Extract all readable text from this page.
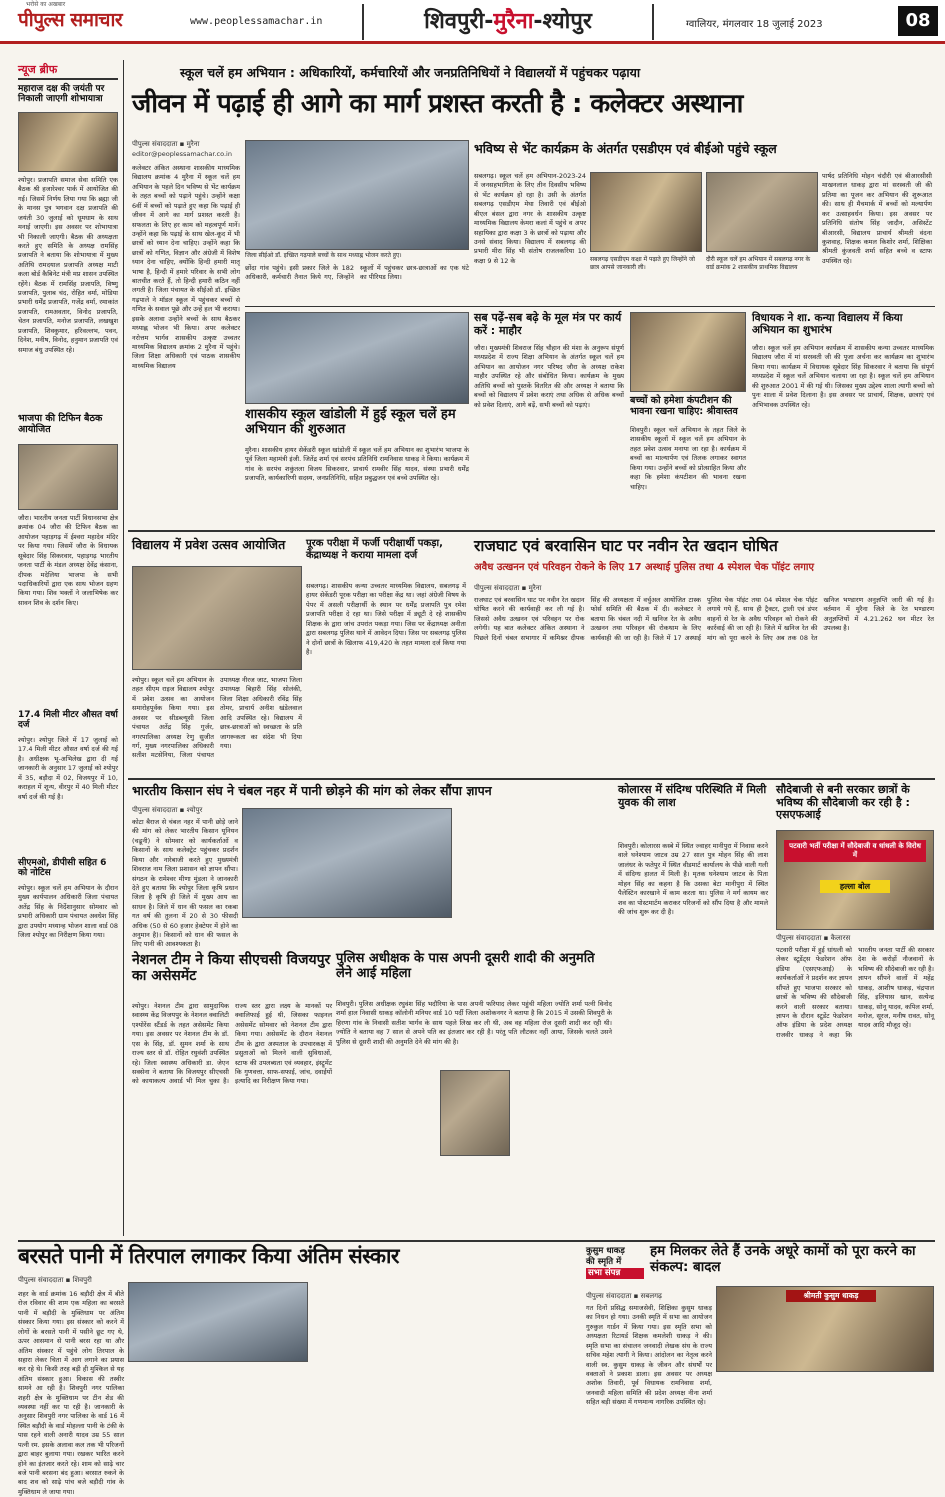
भरोसे का अखबार
पीपुल्स समाचार	www.peoplessamachar.in	शिवपुरी-मुरैना-श्योपुर	ग्वालियर, मंगलवार 18 जुलाई 2023	08
न्यूज ब्रीफ
महाराज दक्ष की जयंती पर निकाली जाएगी शोभायात्रा
श्योपुर। प्रजापति समाज सेवा समिति एक बैठक श्री हजारेश्वर पार्क में आयोजित की गई। जिसमें निर्णय लिया गया कि ब्रह्मा जी के मानस पुत्र भगवान दक्ष प्रजापति की जयंती 30 जुलाई को धूमधाम के साथ मनाई जाएगी। इस अवसर पर शोभायात्रा भी निकाली जाएगी। बैठक की अध्यक्षता करते हुए समिति के अध्यक्ष रामसिंह प्रजापति ने बताया कि शोभायात्रा में मुख्य अतिथि रामदयाल प्रजापति अध्यक्ष माटी कला बोर्ड कैबिनेट मंत्री मप्र शासन उपस्थित रहेंगे। बैठक में रामसिंह प्रजापति, विष्णु प्रजापति, पुलाब चंद, रोहित वर्मा, मोडिया प्रभारी धर्मेंद्र प्रजापति, गजेंद्र वर्मा, रमाकांत प्रजापति, रामअवतार, विनोद प्रजापति, चेतन प्रजापति, मनोज प्रजापति, लखखुश प्रजापति, शिवकुमार, हरिवल्लभ, पवन, दिनेश, मनीष, विनोद, हनुमान प्रजापति एवं समाज बंधु उपस्थित रहे।
भाजपा की टिफिन बैठक आयोजित
जौरा। भारतीय जनता पार्टी विधानसभा क्षेत्र क्रमांक 04 जौरा की टिफिन बैठक का आयोजन पहाड़गढ़ में ईश्वरा महादेव मंदिर पर किया गया। जिसमें जौरा के विधायक सूबेदार सिंह सिकरवार, पहाड़गढ़ भारतीय जनता पार्टी के मंडल अध्यक्ष देवेंद्र कंसाना, दीपक मदेलिया भाजपा के सभी पदाधिकारियों द्वारा एक साथ भोजन ग्रहण किया गया। शिव भक्तों ने जलाभिषेक कर सावन शिव के दर्शन किए।
17.4 मिली मीटर औसत वर्षा दर्ज
श्योपुर। श्योपुर जिले में 17 जुलाई को 17.4 मिली मीटर औसत वर्षा दर्ज की गई है। अधीक्षक भू-अभिलेख द्वारा दी गई जानकारी के अनुसार 17 जुलाई को श्योपुर में 35, बड़ौदा में 02, विजयपुर में 10, कराहल में शून्य, वीरपुर में 40 मिली मीटर वर्षा दर्ज की गई है।
सीएमओ, डीपीसी सहित 6 को नोटिस
श्योपुर। स्कूल चलें हम अभियान के दौरान मुख्य कार्यपालन अधिकारी जिला पंचायत अतेंद्र सिंह के निर्देशानुसार सोमवार को प्रभारी अधिकारी ग्राम पंचायत अवधेश सिंह द्वारा उपयोग मध्यान्ह भोजन शाला वार्ड 08 जिला श्योपुर का निरीक्षण किया गया।
स्कूल चलें हम अभियान : अधिकारियों, कर्मचारियों और जनप्रतिनिधियों ने विद्यालयों में पहुंचकर पढ़ाया
जीवन में पढ़ाई ही आगे का मार्ग प्रशस्त करती है : कलेक्टर अस्थाना
पीपुल्स संवाददाता ▪ मुरैना
editor@peoplessamachar.co.in
कलेक्टर अंकित अस्थाना शासकीय माध्यमिक विद्यालय क्रमांक 4 मुरैना में स्कूल चलें हम अभियान के पहले दिन भविष्य से भेंट कार्यक्रम के तहत बच्चों को पढ़ाने पहुंचे। उन्होंने कक्षा 6वीं में बच्चों को पढ़ाते हुए कहा कि पढ़ाई ही जीवन में आगे का मार्ग प्रशस्त करती है। सफलता के लिए हर काम को महत्वपूर्ण मानें। उन्होंने कहा कि पढ़ाई के साथ खेल-कूद में भी छात्रों को ध्यान देना चाहिए। उन्होंने कहा कि छात्रों को गणित, विज्ञान और अंग्रेजी में विशेष ध्यान देना चाहिए, क्योंकि हिन्दी हमारी मातृ भाषा है, हिन्दी में हमारे परिवार के सभी लोग बातचीत करते हैं, तो हिन्दी हमारी कठिन नहीं लगती है। जिला पंचायत के सीईओ डॉ. इच्छित गढ़पाले ने मॉडल स्कूल में पहुंचकर बच्चों से गणित के सवाल पूछे और उन्हें हल भी कराया। इसके अलावा उन्होंने बच्चों के साथ बैठकर मध्याह्न भोजन भी किया। अपर कलेक्टर नरोत्तम भार्गव शासकीय उत्कृष्ट उच्चतर माध्यमिक विद्यालय क्रमांक 2 मुरैना में पहुंचे। जिला शिक्षा अधिकारी एवं पाठक शासकीय माध्यमिक विद्यालय
जिला सीईओ डॉ. इच्छित गढ़पाले बच्चों के साथ मध्याह्न भोजन करते हुए।
छोंदा गांव पहुंचे। इसी प्रकार जिले के 182 अधिकारी, कर्मचारी तैनात किये गए, जिन्होंने स्कूलों में पहुंचकर छात्र-छात्राओं का एक घंटे का पीरियड लिया।
भविष्य से भेंट कार्यक्रम के अंतर्गत एसडीएम एवं बीईओ पहुंचे स्कूल
सबलगढ़। स्कूल चलें हम अभियान-2023-24 में जनसहभागिता के लिए तीन दिवसीय भविष्य से भेंट कार्यक्रम हो रहा है। उसी के अंतर्गत सबलगढ़ एसडीएम मेघा तिवारी एवं बीईओ बीएल बंसल द्वारा नगर के शासकीय उत्कृष्ट माध्यमिक विद्यालय केमरा कलां में पहुंचे व अपर सहायिका द्वारा कक्षा 3 के छात्रों को पढ़ाया और उनसे संवाद किया। विद्यालय में सबलगढ़ की प्रभारी मीरा सिंह भी संतोष राजलकरिया 10 कक्षा 9 से 12 के	सबलगढ़ एसडीएम कक्षा में पढ़ाते हुए जिन्होंने जो छात्र आपसे जानकारी ली।
दौरी स्कूल चलें हम अभियान में सबलगढ़ नगर के वार्ड क्रमांक 2 शासकीय प्राथमिक विद्यालय
पार्षद प्रतिनिधि मोहन चंदौरी एवं बीआरसीसी माखनलाल धाकड़ द्वारा मां सरस्वती जी की प्रतिमा का पूजन कर अभियान की शुरूआत की। साथ ही मैचमार्क में बच्चों को मल्यार्पण कर उत्साहवर्धन किया। इस अवसर पर प्रतिनिधि संतोष सिंह जादौन, असिस्टेंट बीआरसी, विद्यालय प्राचार्य श्रीमती वंदना कुशवाह, शिक्षक कमल किशोर शर्मा, शिक्षिका श्रीमती कुंजवती शर्मा सहित बच्चे व स्टाफ उपस्थित रहे।
शासकीय स्कूल खांडोली में हुई स्कूल चलें हम अभियान की शुरुआत
मुरैना। शासकीय हायर सेकेंडरी स्कूल खांडोली में स्कूल चलें हम अभियान का शुभारंभ भाजपा के पूर्व जिला महामंत्री इंजी. जितेंद्र शर्मा एवं सरपंच प्रतिनिधि रामनिवास धाकड़ ने किया। कार्यक्रम में गांव के सरपंच शकुंतला विजय सिकरवार, प्राचार्य रामवीर सिंह यादव, संस्था प्रभारी धर्मेंद्र प्रजापति, कार्यकारिणी सदस्य, जनप्रतिनिधि, सहित प्रबुद्धजन एवं बच्चे उपस्थित रहे।
सब पढ़ें-सब बढ़े के मूल मंत्र पर कार्य करें : माहौर
जौरा। मुख्यमंत्री शिवराज सिंह चौहान की मंशा के अनुरूप संपूर्ण मध्यप्रदेश में राज्य शिक्षा अभियान के अंतर्गत स्कूल चलें हम अभियान का आयोजन नगर परिषद जौरा के अध्यक्ष राकेश माहौर उपस्थित रहे और संबोधित किया। कार्यक्रम के मुख्य अतिथि बच्चों को पुस्तकें वितरित की और अध्यक्ष ने बताया कि बच्चों को विद्यालय में प्रवेश कराएं तथा अधिक से अधिक बच्चों को प्रवेश दिलाएं, आगे बढ़ें, सभी बच्चों को पढ़ाएं।	बच्चों को हमेशा कंपटीशन की भावना रखना चाहिए: श्रीवास्तव
शिवपुरी। स्कूल चलें अभियान के तहत जिले के शासकीय स्कूलों में स्कूल चलें हम अभियान के तहत प्रवेश उत्सव मनाया जा रहा है। कार्यक्रम में बच्चों का माल्यार्पण एवं तिलक लगाकर स्वागत किया गया। उन्होंने बच्चों को प्रोत्साहित किया और कहा कि हमेशा कंपटीशन की भावना रखना चाहिए।
विधायक ने शा. कन्या विद्यालय में किया अभियान का शुभारंभ
जौरा। स्कूल चलें हम अभियान कार्यक्रम में शासकीय कन्या उच्चतर माध्यमिक विद्यालय जौरा में मां सरस्वती जी की पूजा अर्चना कर कार्यक्रम का शुभारंभ किया गया। कार्यक्रम में विधायक सूबेदार सिंह सिकरवार ने बताया कि संपूर्ण मध्यप्रदेश में स्कूल चलें अभियान चलाया जा रहा है। स्कूल चलें हम अभियान की शुरुआत 2001 में की गई थी। जिसका मुख्य उद्देश्य शाला त्यागी बच्चों को पुनः शाला में प्रवेश दिलाना है। इस अवसर पर प्राचार्य, शिक्षक, छात्राएं एवं अभिभावक उपस्थित रहे।
विद्यालय में प्रवेश उत्सव आयोजित
श्योपुर। स्कूल चलें हम अभियान के तहत सीएम राइज विद्यालय श्योपुर में प्रवेश उत्सव का आयोजन समारोहपूर्वक किया गया। इस अवसर पर सीडब्ल्यूसी जिला पंचायत अतेंद्र सिंह गुर्जर, नगरपालिका अध्यक्ष रेणु सुजीत गर्ग, मुख्य नगरपालिका अधिकारी सतीश मटसेनिया, जिला पंचायत उपाध्यक्ष नीरज जाट, भाजपा जिला उपाध्यक्ष बिहारी सिंह सोलंकी, जिला शिक्षा अधिकारी रविंद्र सिंह तोमर, प्राचार्य अनीश खंडेलवाल आदि उपस्थित रहे। विद्यालय में छात्र-छात्राओं को स्वच्छता के प्रति जागरूकता का संदेश भी दिया गया।
पूरक परीक्षा में फर्जी परीक्षार्थी पकड़ा, केंद्राध्यक्ष ने कराया मामला दर्ज
सबलगढ़। शासकीय कन्या उच्चतर माध्यमिक विद्यालय, सबलगढ़ में हायर सेकेंडरी पूरक परीक्षा का परीक्षा केंद्र था। जहां अंग्रेजी विषय के पेपर में असली परीक्षार्थी के स्थान पर धर्मेंद्र प्रजापति पुत्र रमेश प्रजापति परीक्षा दे रहा था। जिसे परीक्षा में ड्यूटी दे रहे शासकीय शिक्षक के द्वारा जांच उपरांत पकड़ा गया। जिस पर केंद्राध्यक्ष अनीता द्वारा सबलगढ़ पुलिस थाने में आवेदन दिया। जिस पर सबलगढ़ पुलिस ने दोनों छात्रों के खिलाफ 419,420 के तहत मामला दर्ज किया गया है।
राजघाट एवं बरवासिन घाट पर नवीन रेत खदान घोषित
अवैध उत्खनन एवं परिवहन रोकने के लिए 17 अस्थाई पुलिस तथा 4 स्पेशल चेक पॉइंट लगाए
पीपुल्स संवाददाता ▪ मुरैना
राजघाट एवं बरवासिन घाट पर नवीन रेत खदान घोषित करने की कार्यवाही कर ली गई है। जिससे अवैध उत्खनन एवं परिवहन पर रोक लगेगी। यह बात कलेक्टर अंकित अस्थाना ने पिछले दिनों चंबल सभागार में कमिश्नर दीपक सिंह की अध्यक्षता में वर्चुअल आयोजित टास्क फोर्स समिति की बैठक में दी। कलेक्टर ने बताया कि चंबल नदी में खनिज रेत के अवैध उत्खनन तथा परिवहन की रोकथाम के लिए कार्यवाही की जा रही है। जिले में 17 अस्थाई पुलिस चेक पॉइंट तथा 04 स्पेशल चेक पॉइंट लगाये गये हैं, साथ ही ट्रैक्टर, ट्राली एवं डंपर वाहनों से रेत के अवैध परिवहन को रोकने की कार्रवाई की जा रही है। जिले में खनिज रेत की मांग को पूरा करने के लिए अब तक 08 रेत खनिज भण्डारण अनुज्ञप्ति जारी की गई है। वर्तमान में मुरैना जिले के रेत भण्डारण अनुज्ञप्तियों में 4.21.262 घन मीटर रेत उपलब्ध है।
भारतीय किसान संघ ने चंबल नहर में पानी छोड़ने की मांग को लेकर सौंपा ज्ञापन
पीपुल्स संवाददाता ▪ श्योपुर
कोटा बैराज से चंबल नहर में पानी छोड़े जाने की मांग को लेकर भारतीय किसान यूनियन (चढूनी) ने सोमवार को कार्यकर्ताओं व किसानों के साथ कलेक्ट्रेट पहुंचकर प्रदर्शन किया और नारेबाजी करते हुए मुख्यमंत्री शिवराज नाम जिला प्रशासन को ज्ञापन सौंपा। संगठन के रामेश्वर मीणा मुंडला ने जानकारी देते हुए बताया कि श्योपुर जिला कृषि प्रधान जिला है कृषि ही जिले में मुख्य आय का साधन है। जिले में धान की फसल का रकबा गत वर्ष की तुलना में 20 से 30 फीसदी अधिक (50 से 60 हजार हेक्टेयर में होने का अनुमान है)। किसानों को धान की फसल के लिए पानी की आवश्यकता है।
कोलारस में संदिग्ध परिस्थिति में मिली युवक की लाश
शिवपुरी। कोलारस कस्बे में स्थित ज्वाहर मानीपुरा में निवास करने वाले घनेश्याम जाटव उम्र 27 साल पुत्र मोहन सिंह की लाश जालंधर के फतेपुर में स्थित वीडमार्ट कार्यालय के पीछे वाली गली में संदिग्ध हालत में मिली है। मृतक घनेश्याम जाटव के पिता मोहन सिंह का कहना है कि उसका बेटा मानीपुरा में स्थित पैलेस्टिन कारखाने में काम करता था। पुलिस ने मर्ग कायम कर शव का पोस्टमार्टम कराकर परिजनों को सौंप दिया है और मामले की जांच शुरू कर दी है।
सौदेबाजी से बनी सरकार छात्रों के भविष्य की सौदेबाजी कर रही है : एसएफआई
पटवारी भर्ती परीक्षा में सौदेबाजी व धांधली के विरोध में
हल्ला बोल
पीपुल्स संवाददाता ▪ कैलारस
पटवारी परीक्षा में हुई धांधली को लेकर स्टूडेंट्स फेडरेशन ऑफ इंडिया (एसएफआई) के कार्यकर्ताओं ने प्रदर्शन कर ज्ञापन सौंपते हुए भाजपा सरकार को छात्रों के भविष्य की सौदेबाजी करने वाली सरकार बताया। ज्ञापन के दौरान स्टूडेंट फेडरेशन ऑफ इंडिया के प्रदेश अध्यक्ष राजवीर धाकड़ ने कहा कि भारतीय जनता पार्टी की सरकार देश के करोड़ों नौजवानों के भविष्य की सौदेबाजी कर रही है। ज्ञापन सौंपने वालों में महेंद्र धाकड़, आशीष धाकड़, चंद्रपाल सिंह, इलियास खान, सत्येन्द्र धाकड़, सोनू यादव, कपिल शर्मा, मनोज, सूरज, मनीष रावत, सोनू यादव आदि मौजूद रहे।
नेशनल टीम ने किया सीएचसी विजयपुर का असेसमेंट
श्योपुर। नेशनल टीम द्वारा सामुदायिक स्वास्थ्य केंद्र विजयपुर के नेशनल क्वालिटी एश्योरेंस स्टैंडर्ड के तहत असेसमेंट किया गया। इस अवसर पर नेशनल टीम के डॉ. एस के सिंह, डॉ. सुमन शर्मा के साथ राज्य स्तर से डॉ. रोहित रघुवंशी उपस्थित रहे। जिला स्वास्थ्य अधिकारी डा. जेएन सक्सेना ने बताया कि विजयपुर सीएचसी को कायाकल्प अवार्ड भी मिल चुका है। राज्य स्तर द्वारा लक्ष्य के मानकों पर क्वालिफाई हुई थी, जिसका फाइनल असेसमेंट सोमवार को नेशनल टीम द्वारा किया गया। असेसमेंट के दौरान नेशनल टीम के द्वारा अस्पताल के उपचारकक्ष में प्रसुताओं को मिलने वाली सुविधाओं, स्टाफ की उपलब्धता एवं व्यवहार, इंस्ट्रूमेंट कि गुणवत्ता, साफ-सफाई, जांच, दवाईयों इत्यादि का निरीक्षण किया गया।
पुलिस अधीक्षक के पास अपनी दूसरी शादी की अनुमति लेने आई महिला
शिवपुरी। पुलिस अधीक्षक रघुवंश सिंह भदौरिया के पास अपनी फरियाद लेकर पहुंची महिला ज्योति शर्मा पत्नी विनोद शर्मा हाल निवासी धाकड़ कॉलोनी मनियर वार्ड 10 पर्दी जिला अशोकनगर ने बताया है कि 2015 में उसकी शिवपुरी के हिरणा गांव के निवासी सतीश भार्गव के साथ पहले लिख कर ली थी, अब वह महिला रोज दूसरी शादी कर रही थी। ज्योति ने बताया वह 7 साल से अपने पति का इंतजार कर रही है। परंतु पति लौटकर नहीं आया, जिसके चलते उसने पुलिस से दूसरी शादी की अनुमति देने की मांग की है।
बरसते पानी में तिरपाल लगाकर किया अंतिम संस्कार
पीपुल्स संवाददाता ▪ शिवपुरी
शहर के वार्ड क्रमांक 16 बड़ौदी क्षेत्र में बीते रोज रविवार की शाम एक महिला का बरसते पानी में बड़ौदी के मुक्तिधाम पर अंतिम संस्कार किया गया। इस संस्कार को करने में लोगों के बरसते पानी में पसीने छूट गए थे, ऊपर आसमान से पानी बरस रहा था और अंतिम संस्कार में पहुंचे लोग तिरपाल के सहारा लेकर चिता में आग लगाने का प्रयास कर रहे थे। किसी तरह बड़ी ही मुश्किल से यह अंतिम संस्कार हुआ। विकास की तस्वीर सामने आ रही है। शिवपुरी नगर पालिका शहरी क्षेत्र के मुक्तिधाम पर टीन शेड की व्यवस्था नहीं कर पा रही है। जानकारी के अनुसार शिवपुरी नगर पालिका के वार्ड 16 में स्थित बड़ौदी के वार्ड मोहल्ला पानी के टंकी के पास रहने वाली अनारी यादव उम्र 55 साल पत्नी रम. इसके अलावा कल तक भी परिजनों द्वारा बाहर बुलाया गया। रखकर भारित करने होने का इंतजार करते रहे। शाम को साढ़े चार बजे पानी बरसना बंद हुआ। बरसात रुकने के बाद शव को साढ़े पांच बजे बड़ौदी गांव के मुक्तिधाम ले जाया गया।
कुसुम धाकड़
की स्मृति में
सभा संपन्न
हम मिलकर लेते हैं उनके अधूरे कामों को पूरा करने का संकल्प: बादल
पीपुल्स संवाददाता ▪ सबलगढ़	श्रीमती कुसुम धाकड़
गत दिनों प्रसिद्ध समाजसेवी, शिक्षिका कुसुम धाकड़ का निधन हो गया। उनकी स्मृति में सभा का आयोजन गुरुकुल गार्डन में किया गया। इस स्मृति सभा को अध्यक्षता रिटायर्ड शिक्षक कमलेशी धाकड़ ने की। स्मृति सभा का संचालन जनवादी लेखक संघ के राज्य सचिव महेश त्यागी ने किया। आंदोलन का नेतृत्व करने वाली स्व. कुसुम धाकड़ के जीवन और संघर्षों पर वक्ताओं ने प्रकाश डाला। इस अवसर पर अध्यक्ष अशोक तिवारी, पूर्व विधायक रामनिवास शर्मा, जनवादी महिला समिति की प्रदेश अध्यक्ष नीना शर्मा सहित बड़ी संख्या में गणमान्य नागरिक उपस्थित रहे।
